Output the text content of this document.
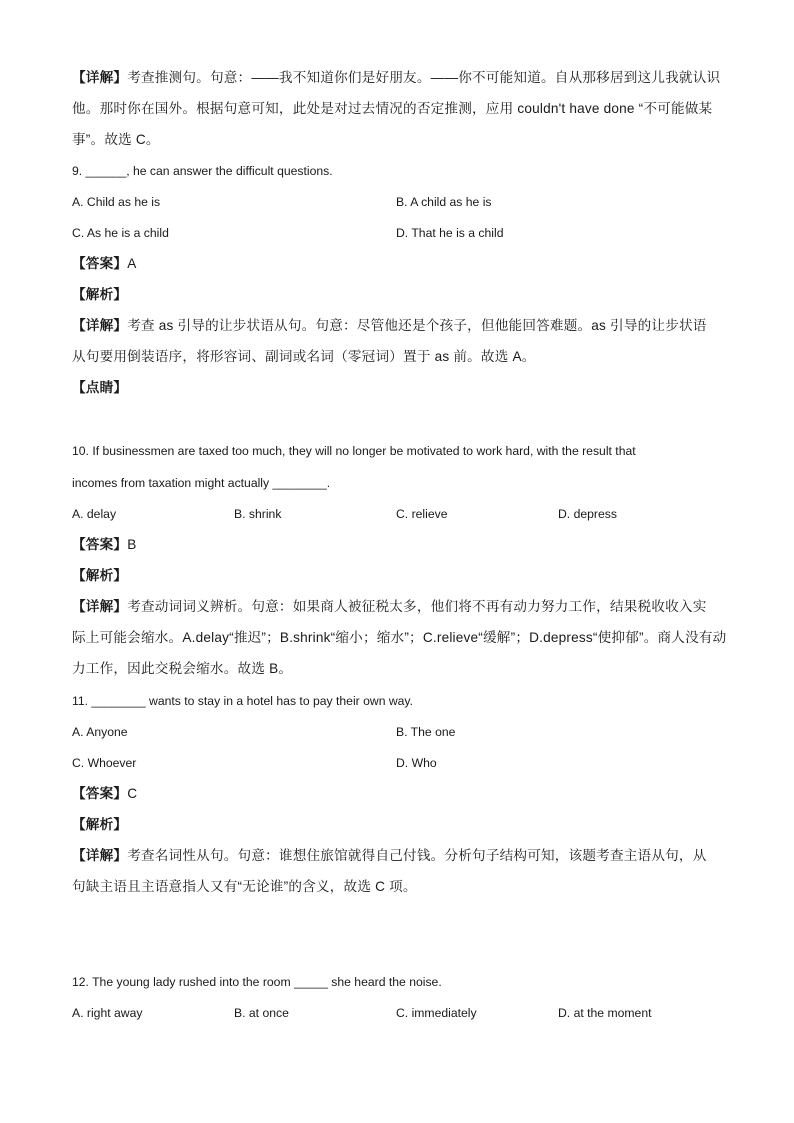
【详解】考查推测句。句意：——我不知道你们是好朋友。——你不可能知道。自从那移居到这儿我就认识
他。那时你在国外。根据句意可知，此处是对过去情况的否定推测，应用 couldn't have done “不可能做某
事”。故选 C。
9. ______, he can answer the difficult questions.
A. Child as he is	B. A child as he is
C. As he is a child	D. That he is a child
【答案】A
【解析】
【详解】考查 as 引导的让步状语从句。句意：尽管他还是个孩子，但他能回答难题。as 引导的让步状语
从句要用倒装语序，将形容词、副词或名词（零冠词）置于 as 前。故选 A。
【点睛】
10. If businessmen are taxed too much, they will no longer be motivated to work hard, with the result that
incomes from taxation might actually ________.
A. delay	B. shrink	C. relieve	D. depress
【答案】B
【解析】
【详解】考查动词词义辨析。句意：如果商人被征税太多，他们将不再有动力努力工作，结果税收收入实
际上可能会缩水。A.delay“推迟”；B.shrink“缩小；缩水”；C.relieve“缓解”；D.depress“使抑郁”。商人没有动
力工作，因此交税会缩水。故选 B。
11. ________ wants to stay in a hotel has to pay their own way.
A. Anyone	B. The one
C. Whoever	D. Who
【答案】C
【解析】
【详解】考查名词性从句。句意：谁想住旅馆就得自己付钱。分析句子结构可知，该题考查主语从句，从
句缺主语且主语意指人又有“无论谁”的含义，故选 C 项。
12. The young lady rushed into the room _____ she heard the noise.
A. right away	B. at once	C. immediately	D. at the moment
